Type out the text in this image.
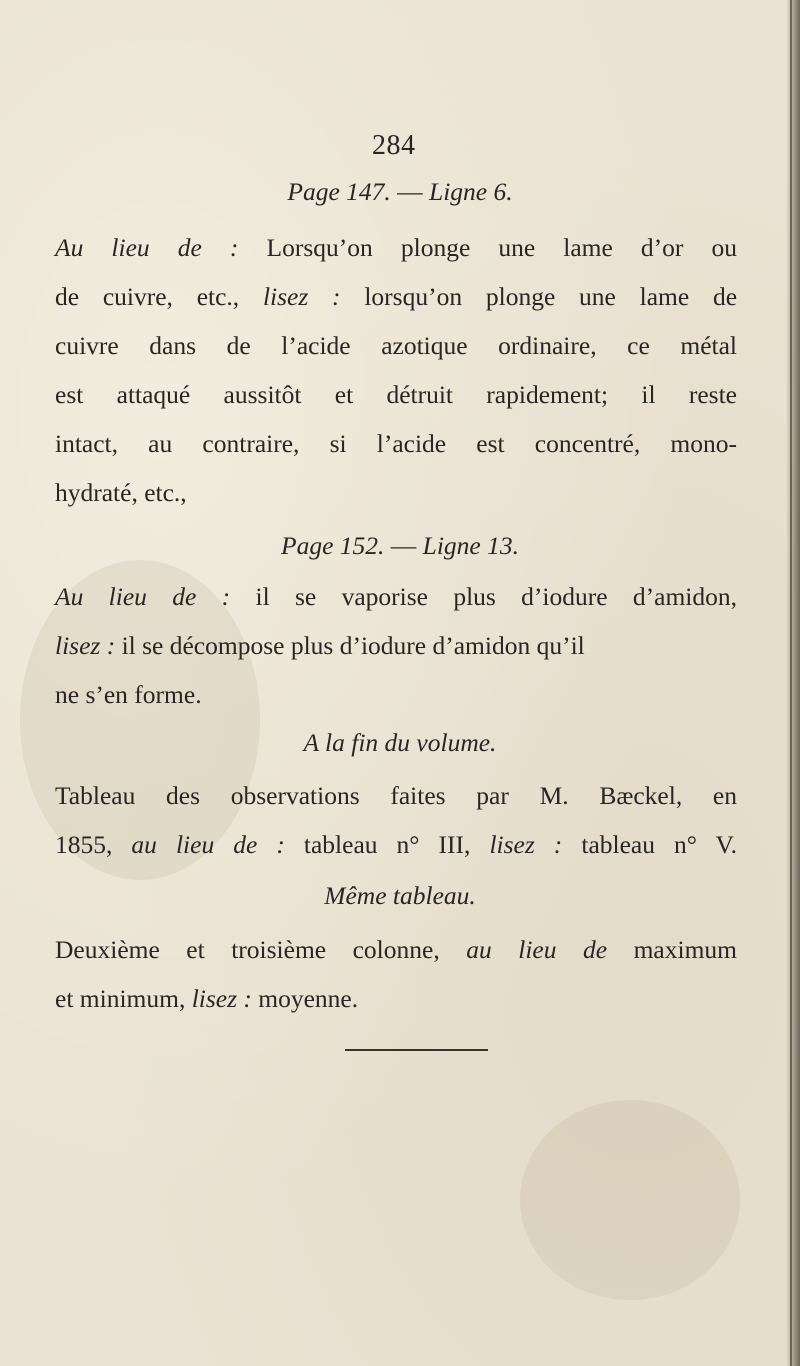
284
Page 147. — Ligne 6.
Au lieu de : Lorsqu’on plonge une lame d’or ou
de cuivre, etc., lisez : lorsqu’on plonge une lame de
cuivre dans de l’acide azotique ordinaire, ce métal
est attaqué aussitôt et détruit rapidement; il reste
intact, au contraire, si l’acide est concentré, mono-
hydraté, etc.,
Page 152. — Ligne 13.
Au lieu de : il se vaporise plus d’iodure d’amidon,
lisez : il se décompose plus d’iodure d’amidon qu’il
ne s’en forme.
A la fin du volume.
Tableau des observations faites par M. Bæckel, en
1855, au lieu de : tableau n° III, lisez : tableau n° V.
Même tableau.
Deuxième et troisième colonne, au lieu de maximum
et minimum, lisez : moyenne.
